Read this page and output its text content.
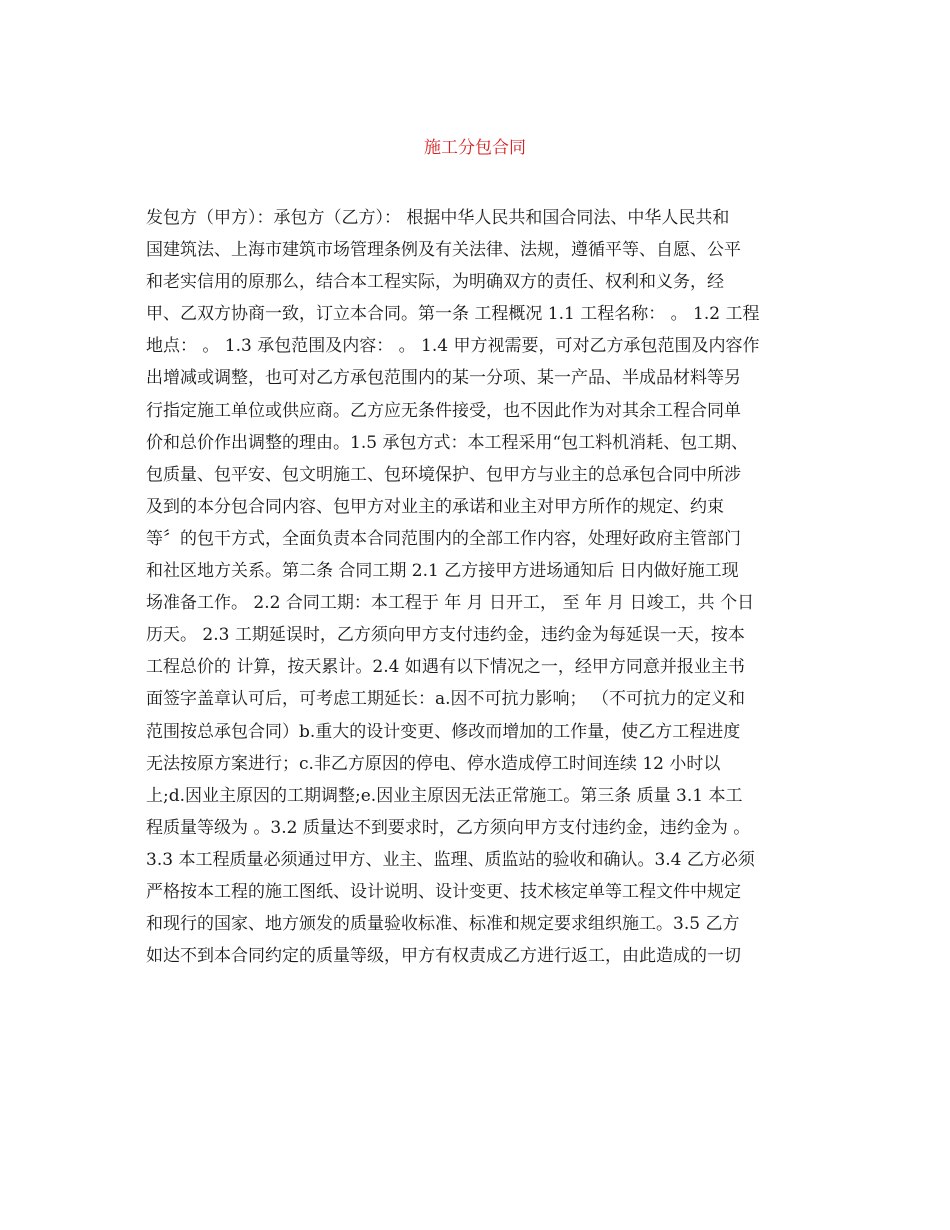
施工分包合同
发包方（甲方）：承包方（乙方）： 根据中华人民共和国合同法、中华人民共和
国建筑法、上海市建筑市场管理条例及有关法律、法规，遵循平等、自愿、公平
和老实信用的原那么，结合本工程实际，为明确双方的责任、权利和义务，经
甲、乙双方协商一致，订立本合同。第一条 工程概况 1.1 工程名称： 。 1.2 工程
地点： 。 1.3 承包范围及内容： 。 1.4 甲方视需要，可对乙方承包范围及内容作
出增减或调整，也可对乙方承包范围内的某一分项、某一产品、半成品材料等另
行指定施工单位或供应商。乙方应无条件接受，也不因此作为对其余工程合同单
价和总价作出调整的理由。1.5 承包方式：本工程采用“包工料机消耗、包工期、
包质量、包平安、包文明施工、包环境保护、包甲方与业主的总承包合同中所涉
及到的本分包合同内容、包甲方对业主的承诺和业主对甲方所作的规定、约束
等〞的包干方式，全面负责本合同范围内的全部工作内容，处理好政府主管部门
和社区地方关系。第二条 合同工期 2.1 乙方接甲方进场通知后 日内做好施工现
场准备工作。 2.2 合同工期：本工程于 年 月 日开工， 至 年 月 日竣工，共 个日
历天。 2.3 工期延误时，乙方须向甲方支付违约金，违约金为每延误一天，按本
工程总价的 计算，按天累计。2.4 如遇有以下情况之一，经甲方同意并报业主书
面签字盖章认可后，可考虑工期延长：a.因不可抗力影响； （不可抗力的定义和
范围按总承包合同）b.重大的设计变更、修改而增加的工作量，使乙方工程进度
无法按原方案进行；c.非乙方原因的停电、停水造成停工时间连续 12 小时以
上;d.因业主原因的工期调整;e.因业主原因无法正常施工。第三条 质量 3.1 本工
程质量等级为 。3.2 质量达不到要求时，乙方须向甲方支付违约金，违约金为 。
3.3 本工程质量必须通过甲方、业主、监理、质监站的验收和确认。3.4 乙方必须
严格按本工程的施工图纸、设计说明、设计变更、技术核定单等工程文件中规定
和现行的国家、地方颁发的质量验收标准、标准和规定要求组织施工。3.5 乙方
如达不到本合同约定的质量等级，甲方有权责成乙方进行返工，由此造成的一切
